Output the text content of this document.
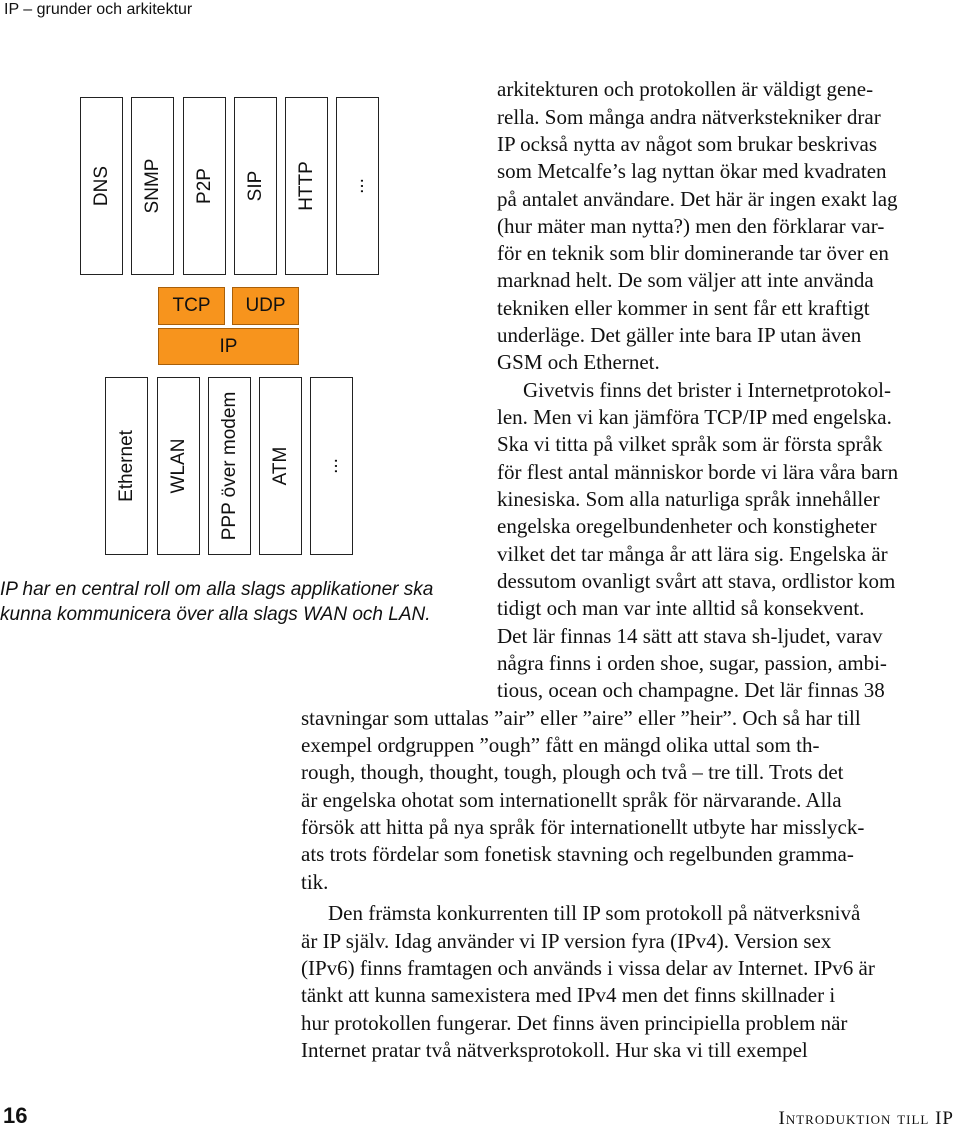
IP – grunder och arkitektur
DNS SNMP P2P SIP HTTP ...
TCP	UDP
IP
Ethernet WLAN PPP över modem ATM ...
IP har en central roll om alla slags applikationer ska kunna kommunicera över alla slags WAN och LAN.
arkitekturen och protokollen är väldigt gene-
rella. Som många andra nätverkstekniker drar
IP också nytta av något som brukar beskrivas
som Metcalfe’s lag nyttan ökar med kvadraten
på antalet användare. Det här är ingen exakt lag
(hur mäter man nytta?) men den förklarar var-
för en teknik som blir dominerande tar över en
marknad helt. De som väljer att inte använda
tekniken eller kommer in sent får ett kraftigt
underläge. Det gäller inte bara IP utan även
GSM och Ethernet.
Givetvis finns det brister i Internetprotokol-
len. Men vi kan jämföra TCP/IP med engelska.
Ska vi titta på vilket språk som är första språk
för flest antal människor borde vi lära våra barn
kinesiska. Som alla naturliga språk innehåller
engelska oregelbundenheter och konstigheter
vilket det tar många år att lära sig. Engelska är
dessutom ovanligt svårt att stava, ordlistor kom
tidigt och man var inte alltid så konsekvent.
Det lär finnas 14 sätt att stava sh-ljudet, varav
några finns i orden shoe, sugar, passion, ambi-
tious, ocean och champagne. Det lär finnas 38
stavningar som uttalas ”air” eller ”aire” eller ”heir”. Och så har till
exempel ordgruppen ”ough” fått en mängd olika uttal som th-
rough, though, thought, tough, plough och två – tre till. Trots det
är engelska ohotat som internationellt språk för närvarande. Alla
försök att hitta på nya språk för internationellt utbyte har misslyck-
ats trots fördelar som fonetisk stavning och regelbunden gramma-
tik.
Den främsta konkurrenten till IP som protokoll på nätverksnivå
är IP själv. Idag använder vi IP version fyra (IPv4). Version sex
(IPv6) finns framtagen och används i vissa delar av Internet. IPv6 är
tänkt att kunna samexistera med IPv4 men det finns skillnader i
hur protokollen fungerar. Det finns även principiella problem när
Internet pratar två nätverksprotokoll. Hur ska vi till exempel
16	Introduktion till IP
